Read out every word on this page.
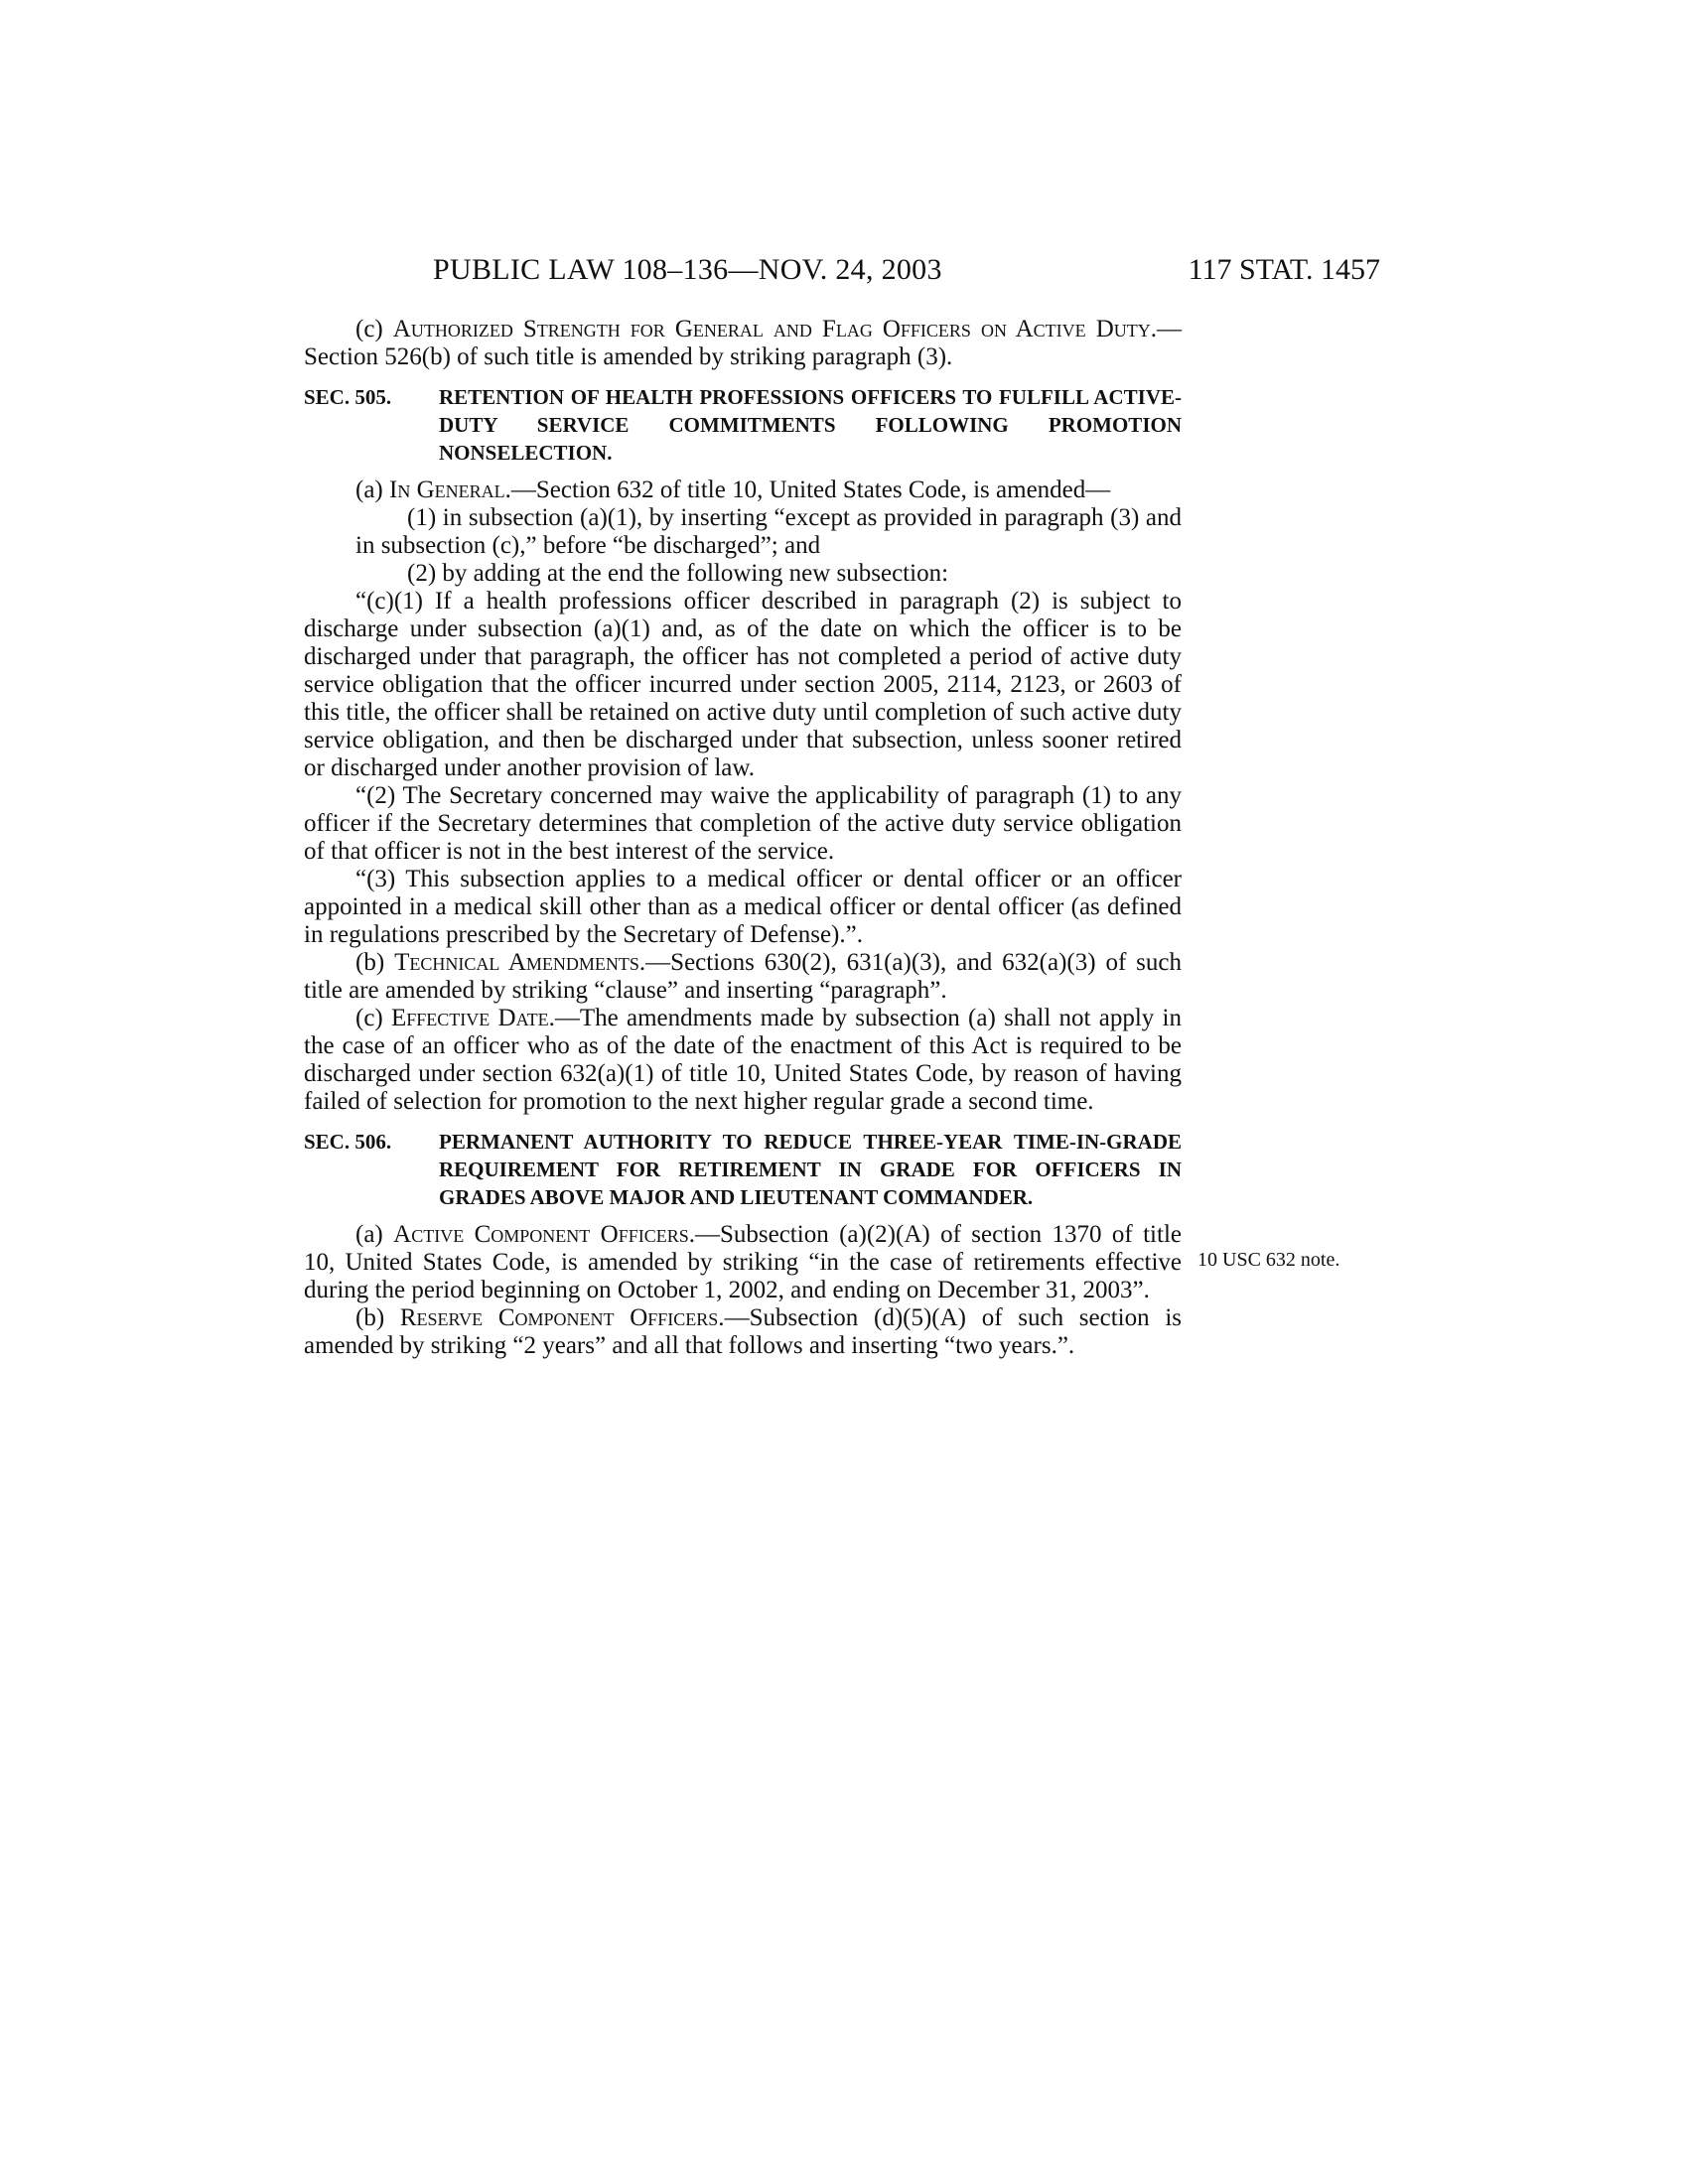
PUBLIC LAW 108–136—NOV. 24, 2003	117 STAT. 1457

(c) Authorized Strength for General and Flag Officers on Active Duty.—Section 526(b) of such title is amended by striking paragraph (3).

SEC. 505.	RETENTION OF HEALTH PROFESSIONS OFFICERS TO FULFILL ACTIVE-DUTY SERVICE COMMITMENTS FOLLOWING PROMOTION NONSELECTION.

(a) In General.—Section 632 of title 10, United States Code, is amended—

(1) in subsection (a)(1), by inserting “except as provided in paragraph (3) and in subsection (c),” before “be discharged”; and

(2) by adding at the end the following new subsection:

“(c)(1) If a health professions officer described in paragraph (2) is subject to discharge under subsection (a)(1) and, as of the date on which the officer is to be discharged under that paragraph, the officer has not completed a period of active duty service obligation that the officer incurred under section 2005, 2114, 2123, or 2603 of this title, the officer shall be retained on active duty until completion of such active duty service obligation, and then be discharged under that subsection, unless sooner retired or discharged under another provision of law.

“(2) The Secretary concerned may waive the applicability of paragraph (1) to any officer if the Secretary determines that completion of the active duty service obligation of that officer is not in the best interest of the service.

“(3) This subsection applies to a medical officer or dental officer or an officer appointed in a medical skill other than as a medical officer or dental officer (as defined in regulations prescribed by the Secretary of Defense).”.

(b) Technical Amendments.—Sections 630(2), 631(a)(3), and 632(a)(3) of such title are amended by striking “clause” and inserting “paragraph”.

(c) Effective Date.—The amendments made by subsection (a) shall not apply in the case of an officer who as of the date of the enactment of this Act is required to be discharged under section 632(a)(1) of title 10, United States Code, by reason of having failed of selection for promotion to the next higher regular grade a second time.

SEC. 506.	PERMANENT AUTHORITY TO REDUCE THREE-YEAR TIME-IN-GRADE REQUIREMENT FOR RETIREMENT IN GRADE FOR OFFICERS IN GRADES ABOVE MAJOR AND LIEUTENANT COMMANDER.

(a) Active Component Officers.—Subsection (a)(2)(A) of section 1370 of title 10, United States Code, is amended by striking “in the case of retirements effective during the period beginning on October 1, 2002, and ending on December 31, 2003”.

(b) Reserve Component Officers.—Subsection (d)(5)(A) of such section is amended by striking “2 years” and all that follows and inserting “two years.”.

10 USC 632 note.
